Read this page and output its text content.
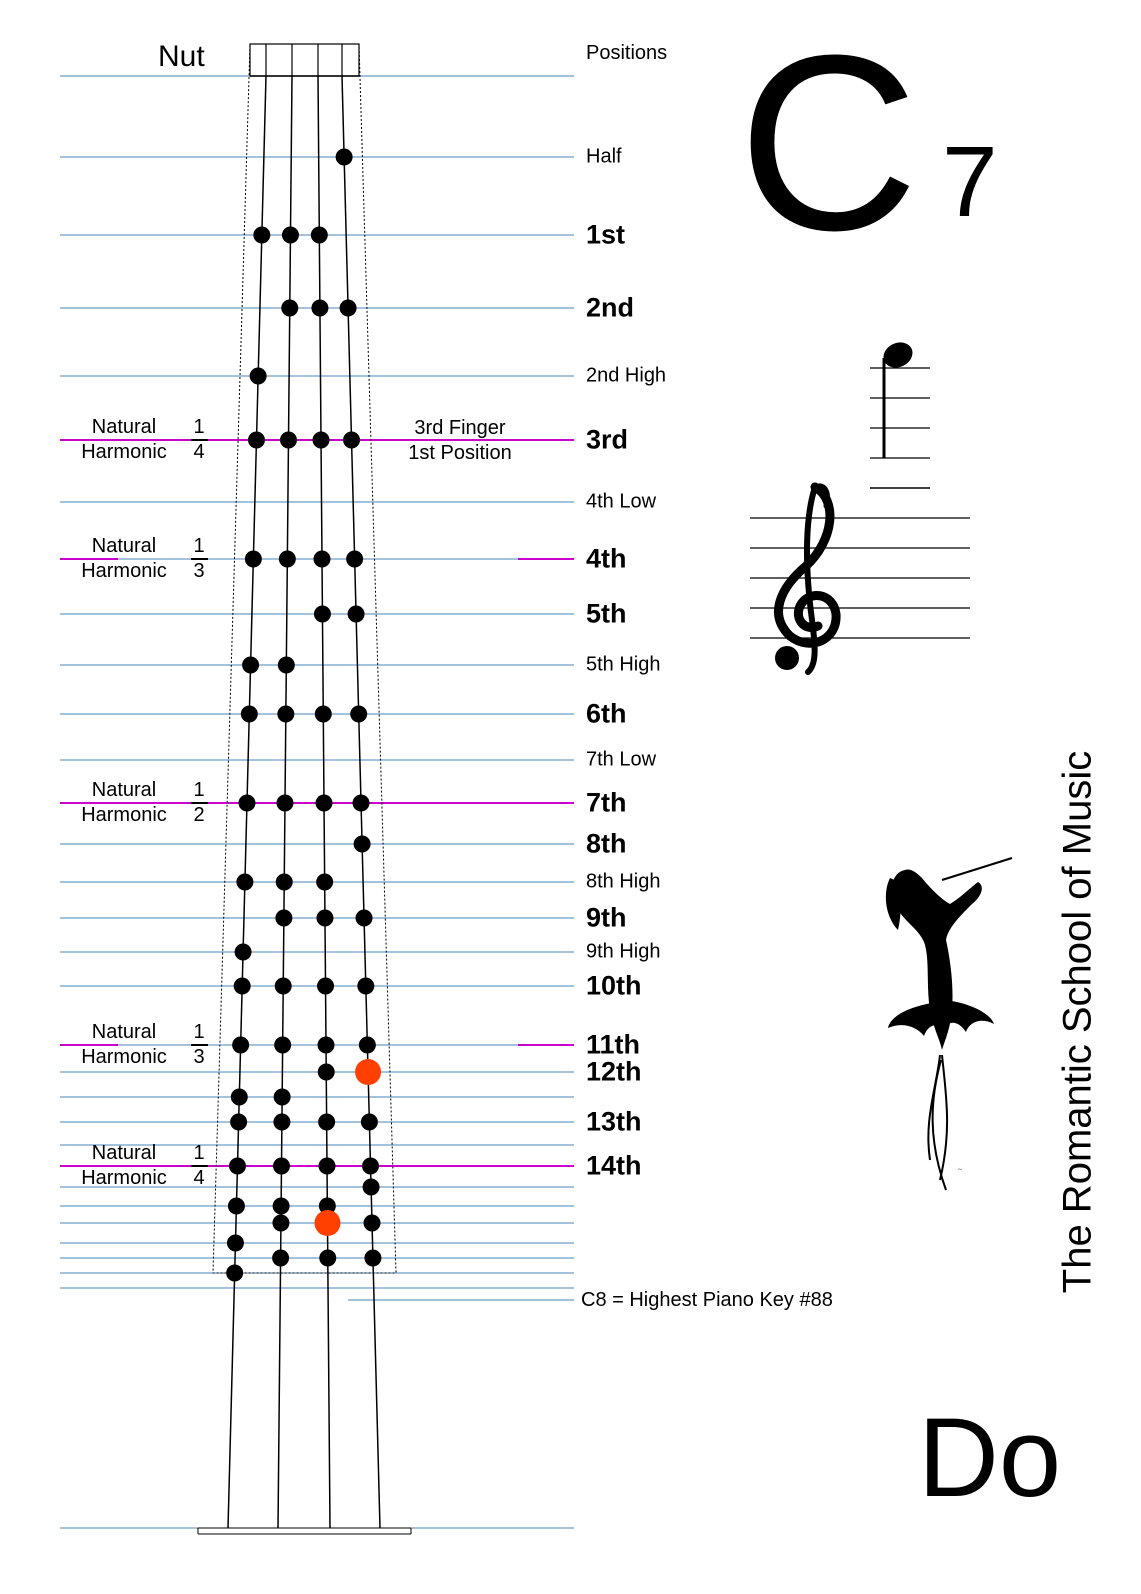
~
Nut	Positions C 7
The Romantic School of Music
Do
C8 = Highest Piano Key #88
3rd Finger
1st Position
Half
1st
2nd
2nd High
3rd
4th Low
4th
5th
5th High
6th
7th Low
7th
8th
8th High
9th
9th High
10th
11th
12th
13th
14th
Natural
Harmonic
1
4
Natural
Harmonic
1
3
Natural
Harmonic
1
2
Natural
Harmonic
1
3
Natural
Harmonic
1
4
